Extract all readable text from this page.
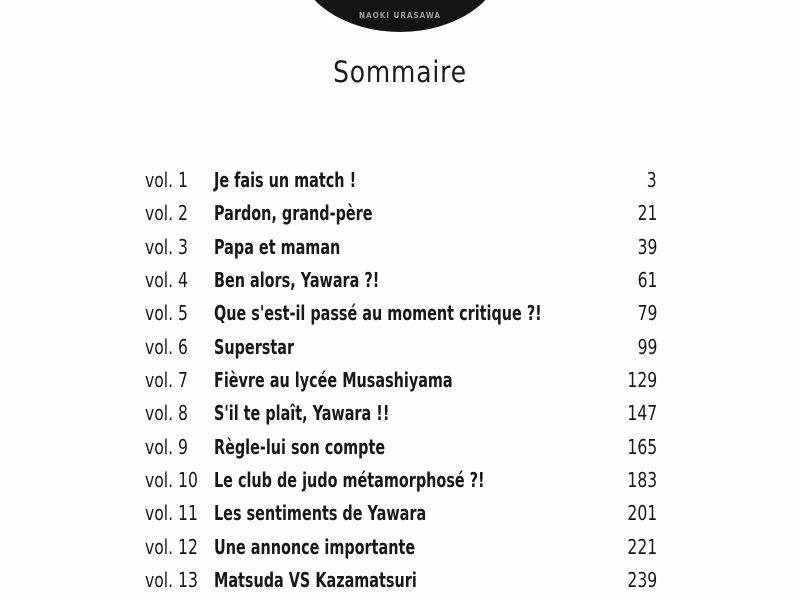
NAOKI URASAWA
Sommaire
vol. 1 Je fais un match !	3
vol. 2 Pardon, grand-père	21
vol. 3 Papa et maman	39
vol. 4 Ben alors, Yawara ?!	61
vol. 5 Que s'est-il passé au moment critique ?!	79
vol. 6 Superstar	99
vol. 7 Fièvre au lycée Musashiyama	129
vol. 8 S'il te plaît, Yawara !!	147
vol. 9 Règle-lui son compte	165
vol. 10 Le club de judo métamorphosé ?!	183
vol. 11 Les sentiments de Yawara	201
vol. 12 Une annonce importante	221
vol. 13 Matsuda VS Kazamatsuri	239
